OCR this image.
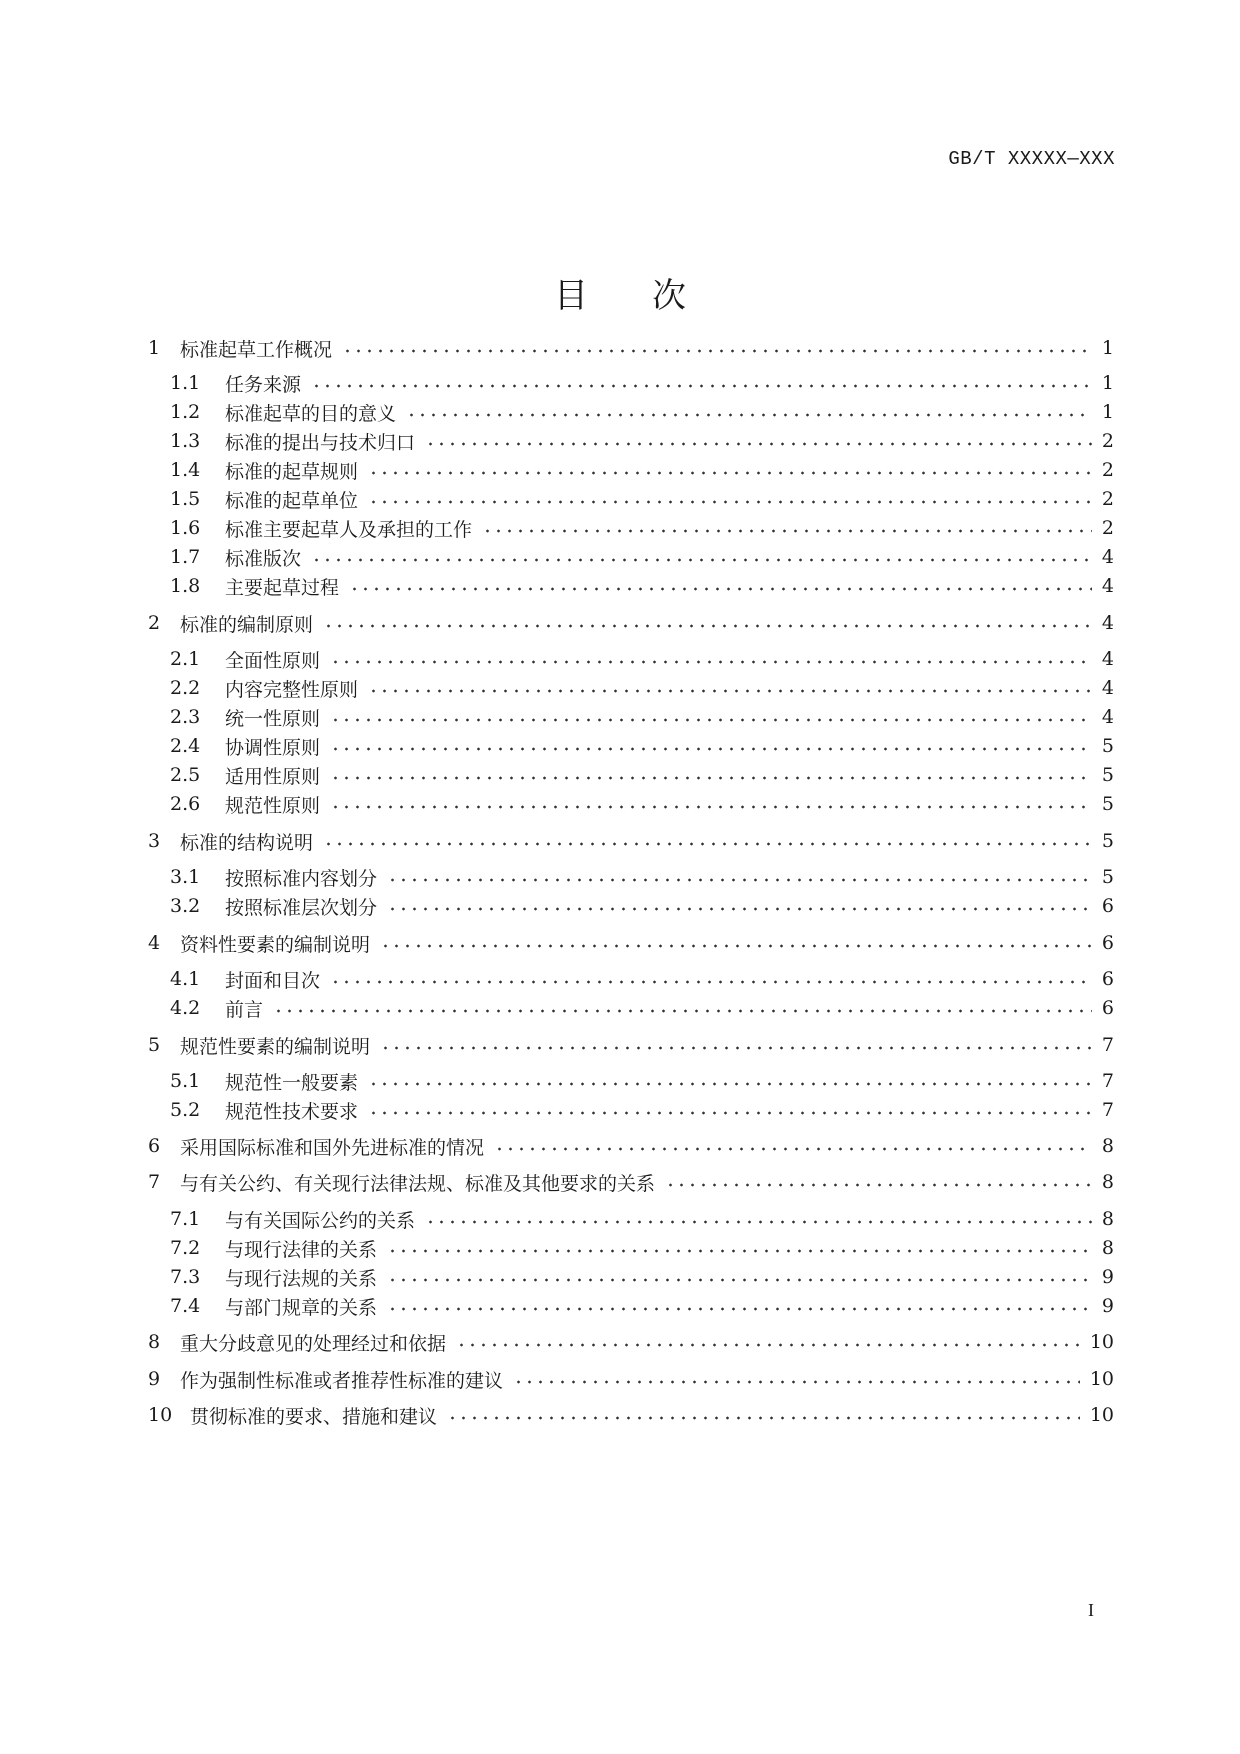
GB/T XXXXX—XXX
目 次
1	标准起草工作概况	1
1.1	任务来源	1
1.2	标准起草的目的意义	1
1.3	标准的提出与技术归口	2
1.4	标准的起草规则	2
1.5	标准的起草单位	2
1.6	标准主要起草人及承担的工作	2
1.7	标准版次	4
1.8	主要起草过程	4
2	标准的编制原则	4
2.1	全面性原则	4
2.2	内容完整性原则	4
2.3	统一性原则	4
2.4	协调性原则	5
2.5	适用性原则	5
2.6	规范性原则	5
3	标准的结构说明	5
3.1	按照标准内容划分	5
3.2	按照标准层次划分	6
4	资料性要素的编制说明	6
4.1	封面和目次	6
4.2	前言	6
5	规范性要素的编制说明	7
5.1	规范性一般要素	7
5.2	规范性技术要求	7
6	采用国际标准和国外先进标准的情况	8
7	与有关公约、有关现行法律法规、标准及其他要求的关系	8
7.1	与有关国际公约的关系	8
7.2	与现行法律的关系	8
7.3	与现行法规的关系	9
7.4	与部门规章的关系	9
8	重大分歧意见的处理经过和依据	10
9	作为强制性标准或者推荐性标准的建议	10
10 贯彻标准的要求、措施和建议	10
I
